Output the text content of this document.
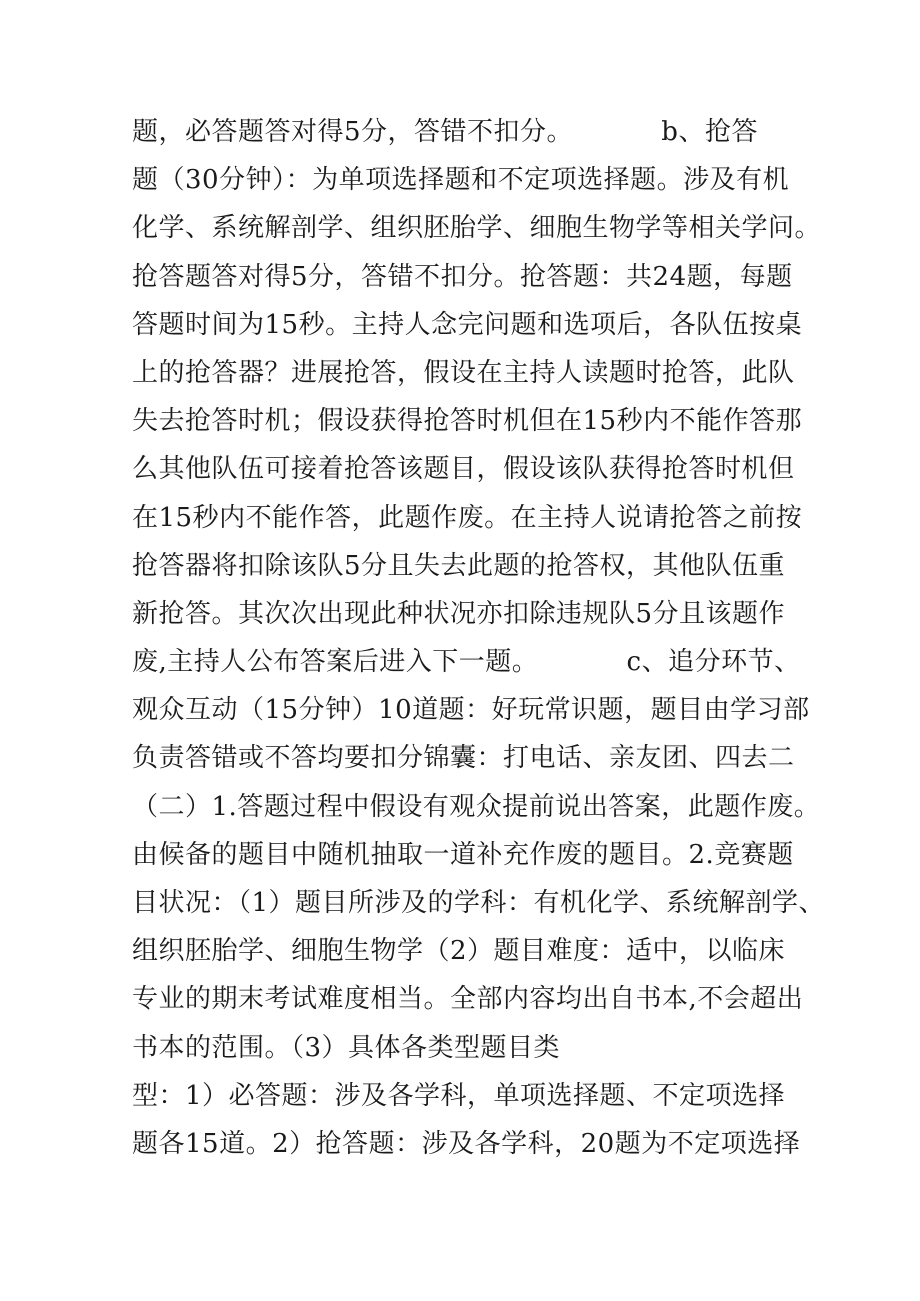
题，必答题答对得5分，答错不扣分。 　　　b、抢答
题（30分钟）：为单项选择题和不定项选择题。涉及有机
化学、系统解剖学、组织胚胎学、细胞生物学等相关学问。
抢答题答对得5分，答错不扣分。抢答题：共24题，每题
答题时间为15秒。主持人念完问题和选项后，各队伍按桌
上的抢答器？进展抢答，假设在主持人读题时抢答，此队
失去抢答时机；假设获得抢答时机但在15秒内不能作答那
么其他队伍可接着抢答该题目，假设该队获得抢答时机但
在15秒内不能作答，此题作废。在主持人说请抢答之前按
抢答器将扣除该队5分且失去此题的抢答权，其他队伍重
新抢答。其次次出现此种状况亦扣除违规队5分且该题作
废,主持人公布答案后进入下一题。 　　　c、追分环节、
观众互动（15分钟）10道题：好玩常识题，题目由学习部
负责答错或不答均要扣分锦囊：打电话、亲友团、四去二
（二）1.答题过程中假设有观众提前说出答案，此题作废。
由候备的题目中随机抽取一道补充作废的题目。2.竞赛题
目状况：（1）题目所涉及的学科：有机化学、系统解剖学、
组织胚胎学、细胞生物学（2）题目难度：适中，以临床
专业的期末考试难度相当。全部内容均出自书本,不会超出
书本的范围。（3）具体各类型题目类
型：1）必答题：涉及各学科，单项选择题、不定项选择
题各15道。2）抢答题：涉及各学科，20题为不定项选择
